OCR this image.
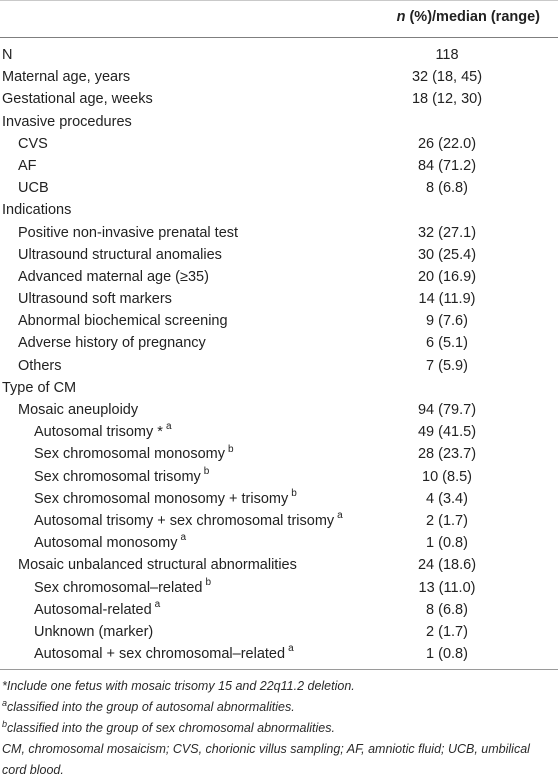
n (%)/median (range)
N	118
Maternal age, years	32 (18, 45)
Gestational age, weeks	18 (12, 30)
Invasive procedures
CVS	26 (22.0)
AF	84 (71.2)
UCB	8 (6.8)
Indications
Positive non-invasive prenatal test	32 (27.1)
Ultrasound structural anomalies	30 (25.4)
Advanced maternal age (≥35)	20 (16.9)
Ultrasound soft markers	14 (11.9)
Abnormal biochemical screening	9 (7.6)
Adverse history of pregnancy	6 (5.1)
Others	7 (5.9)
Type of CM
Mosaic aneuploidy	94 (79.7)
Autosomal trisomy * $^a$	49 (41.5)
Sex chromosomal monosomy $^b$	28 (23.7)
Sex chromosomal trisomy $^b$	10 (8.5)
Sex chromosomal monosomy + trisomy $^b$	4 (3.4)
Autosomal trisomy + sex chromosomal trisomy $^a$	2 (1.7)
Autosomal monosomy $^a$	1 (0.8)
Mosaic unbalanced structural abnormalities	24 (18.6)
Sex chromosomal–related $^b$	13 (11.0)
Autosomal-related $^a$	8 (6.8)
Unknown (marker)	2 (1.7)
Autosomal + sex chromosomal–related $^a$	1 (0.8)
*Include one fetus with mosaic trisomy 15 and 22q11.2 deletion.
$^a$classified into the group of autosomal abnormalities.
$^b$classified into the group of sex chromosomal abnormalities.
CM, chromosomal mosaicism; CVS, chorionic villus sampling; AF, amniotic fluid; UCB, umbilical cord blood.
